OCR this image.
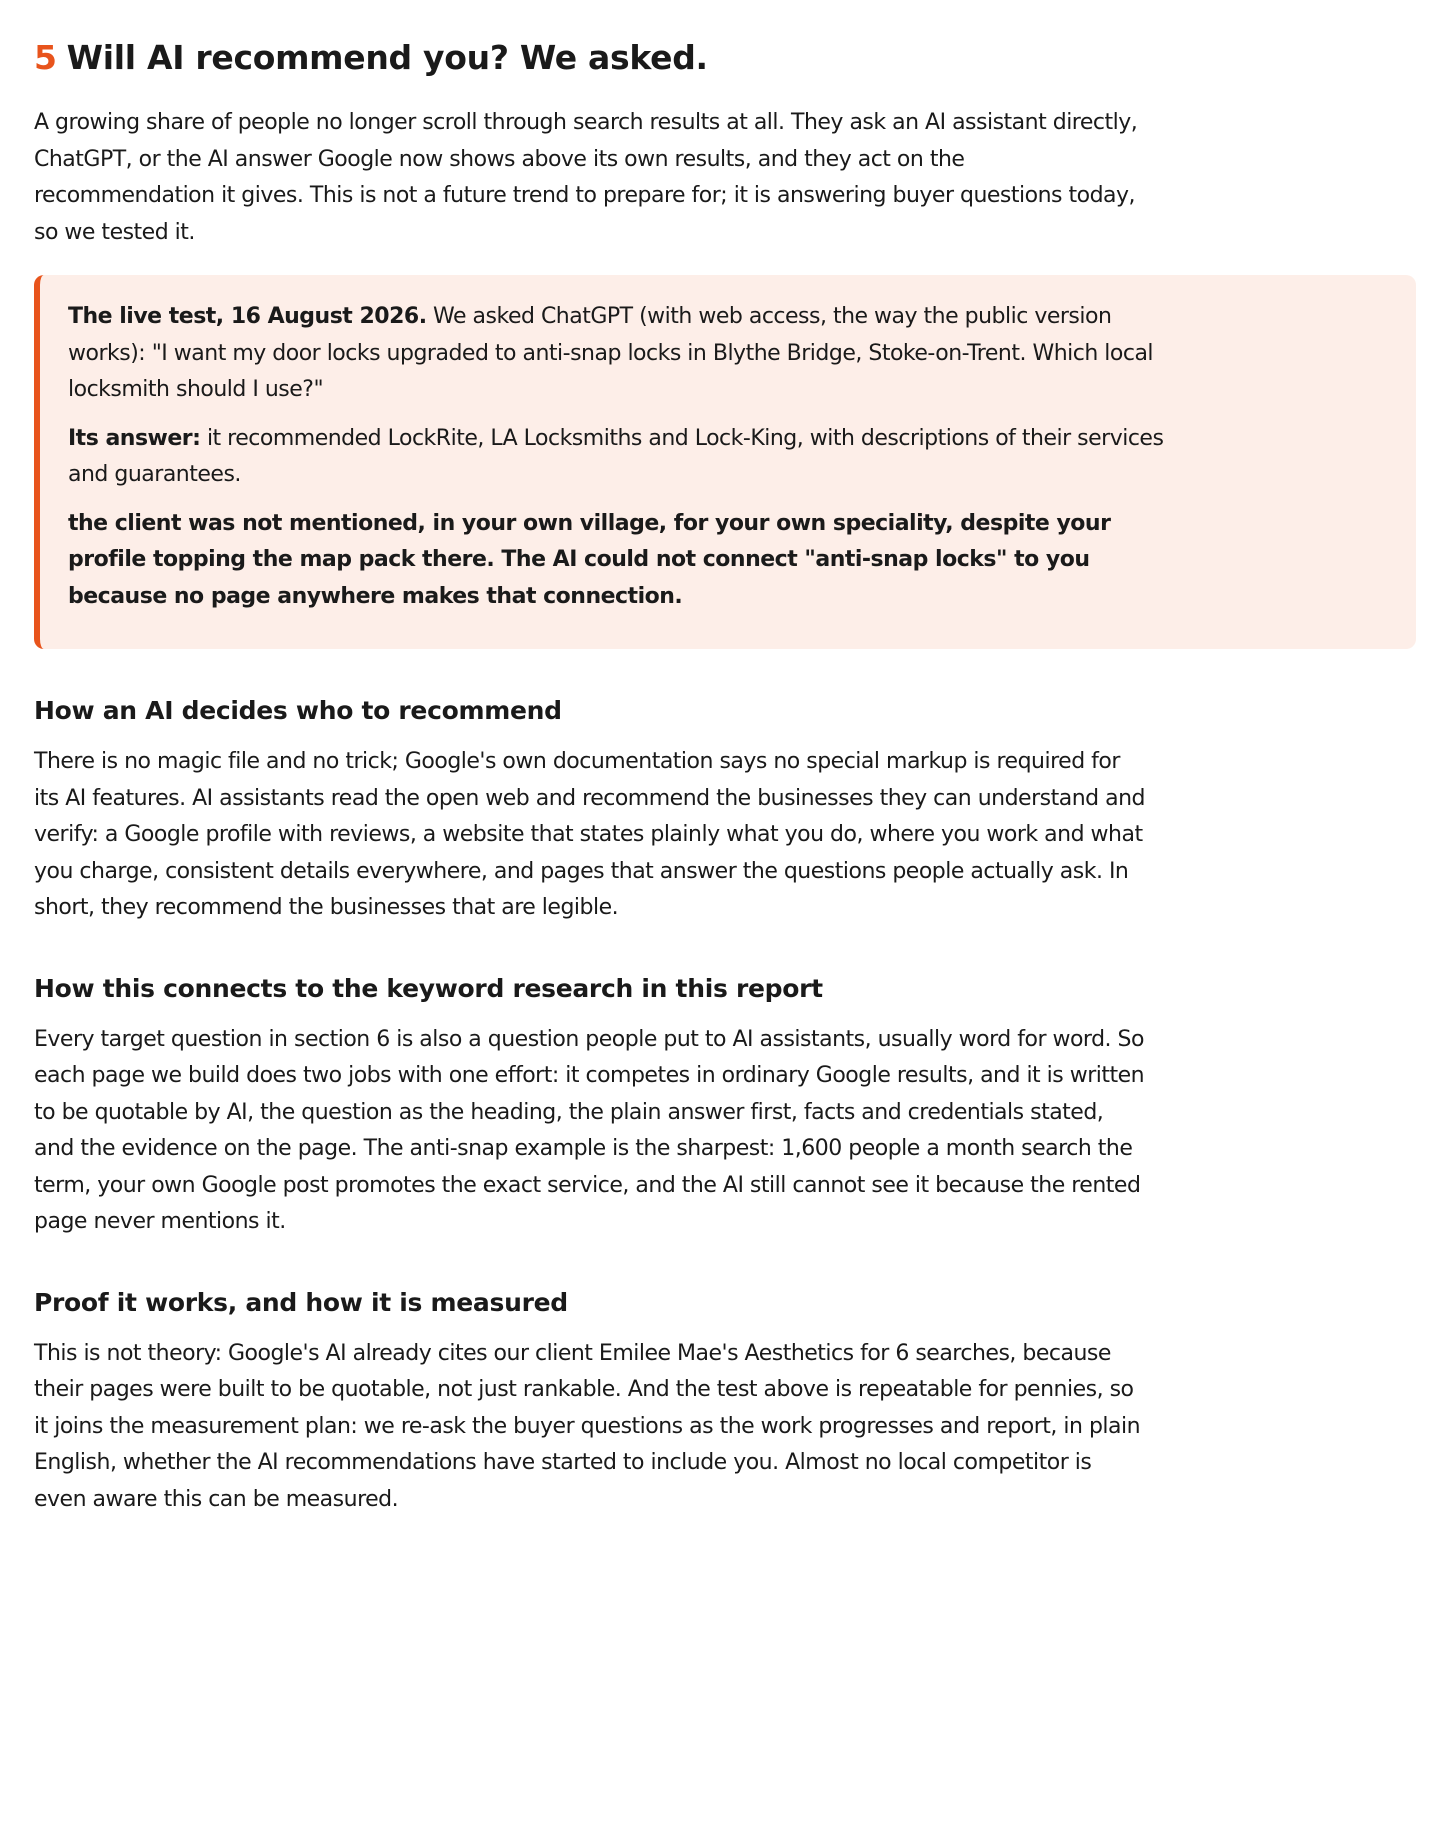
5 Will AI recommend you? We asked.

A growing share of people no longer scroll through search results at all. They ask an AI assistant directly, ChatGPT, or the AI answer Google now shows above its own results, and they act on the recommendation it gives. This is not a future trend to prepare for; it is answering buyer questions today, so we tested it.

The live test, 16 August 2026. We asked ChatGPT (with web access, the way the public version works): "I want my door locks upgraded to anti-snap locks in Blythe Bridge, Stoke-on-Trent. Which local locksmith should I use?"

Its answer: it recommended LockRite, LA Locksmiths and Lock-King, with descriptions of their services and guarantees.

the client was not mentioned, in your own village, for your own speciality, despite your profile topping the map pack there. The AI could not connect "anti-snap locks" to you because no page anywhere makes that connection.

How an AI decides who to recommend

There is no magic file and no trick; Google's own documentation says no special markup is required for its AI features. AI assistants read the open web and recommend the businesses they can understand and verify: a Google profile with reviews, a website that states plainly what you do, where you work and what you charge, consistent details everywhere, and pages that answer the questions people actually ask. In short, they recommend the businesses that are legible.

How this connects to the keyword research in this report

Every target question in section 6 is also a question people put to AI assistants, usually word for word. So each page we build does two jobs with one effort: it competes in ordinary Google results, and it is written to be quotable by AI, the question as the heading, the plain answer first, facts and credentials stated, and the evidence on the page. The anti-snap example is the sharpest: 1,600 people a month search the term, your own Google post promotes the exact service, and the AI still cannot see it because the rented page never mentions it.

Proof it works, and how it is measured

This is not theory: Google's AI already cites our client Emilee Mae's Aesthetics for 6 searches, because their pages were built to be quotable, not just rankable. And the test above is repeatable for pennies, so it joins the measurement plan: we re-ask the buyer questions as the work progresses and report, in plain English, whether the AI recommendations have started to include you. Almost no local competitor is even aware this can be measured.
